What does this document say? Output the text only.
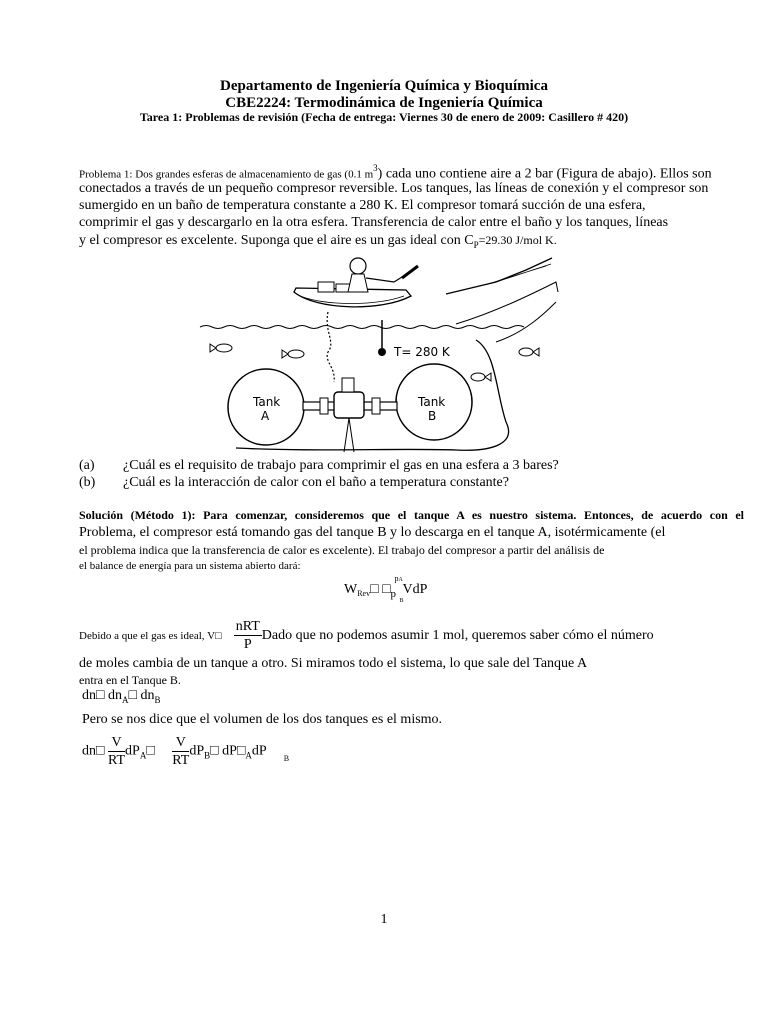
Departamento de Ingeniería Química y Bioquímica
CBE2224: Termodinámica de Ingeniería Química
Tarea 1: Problemas de revisión (Fecha de entrega: Viernes 30 de enero de 2009: Casillero # 420)
Problema 1: Dos grandes esferas de almacenamiento de gas (0.1 $m^3$) cada uno contiene aire a 2 bar (Figura de abajo). Ellos son
conectados a través de un pequeño compresor reversible. Los tanques, las líneas de conexión y el compresor son
sumergido en un baño de temperatura constante a 280 K. El compresor tomará succión de una esfera,
comprimir el gas y descargarlo en la otra esfera. Transferencia de calor entre el baño y los tanques, líneas
y el compresor es excelente. Suponga que el aire es un gas ideal con $C_P=29.30$ J/mol K.
T= 280 K
Tank
A
Tank
B
(a) ¿Cuál es el requisito de trabajo para comprimir el gas en una esfera a 3 bares?
(b) ¿Cuál es la interacción de calor con el baño a temperatura constante?
Solución (Método 1): Para comenzar, consideremos que el tanque A es nuestro sistema. Entonces, de acuerdo con el
Problema, el compresor está tomando gas del tanque B y lo descarga en el tanque A, isotérmicamente (el
el problema indica que la transferencia de calor es excelente). El trabajo del compresor a partir del análisis de
el balance de energía para un sistema abierto dará:
$W_{Rev}□$ □
pA
$_p$
B
VdP
Debido a que el gas es ideal, V□ $\frac{\text{nRT}}{P}$ Dado que no podemos asumir 1 mol, queremos saber cómo el número
de moles cambia de un tanque a otro. Si miramos todo el sistema, lo que sale del Tanque A
entra en el Tanque B.
dn□ $dn_A□$ $dn_B$
Pero se nos dice que el volumen de los dos tanques es el mismo.
dn□ $\frac{V}{RT}$ $dP_A□ \frac{V}{RT}$ $dP_B□$ $dP□_AdP$ $_B$
1
